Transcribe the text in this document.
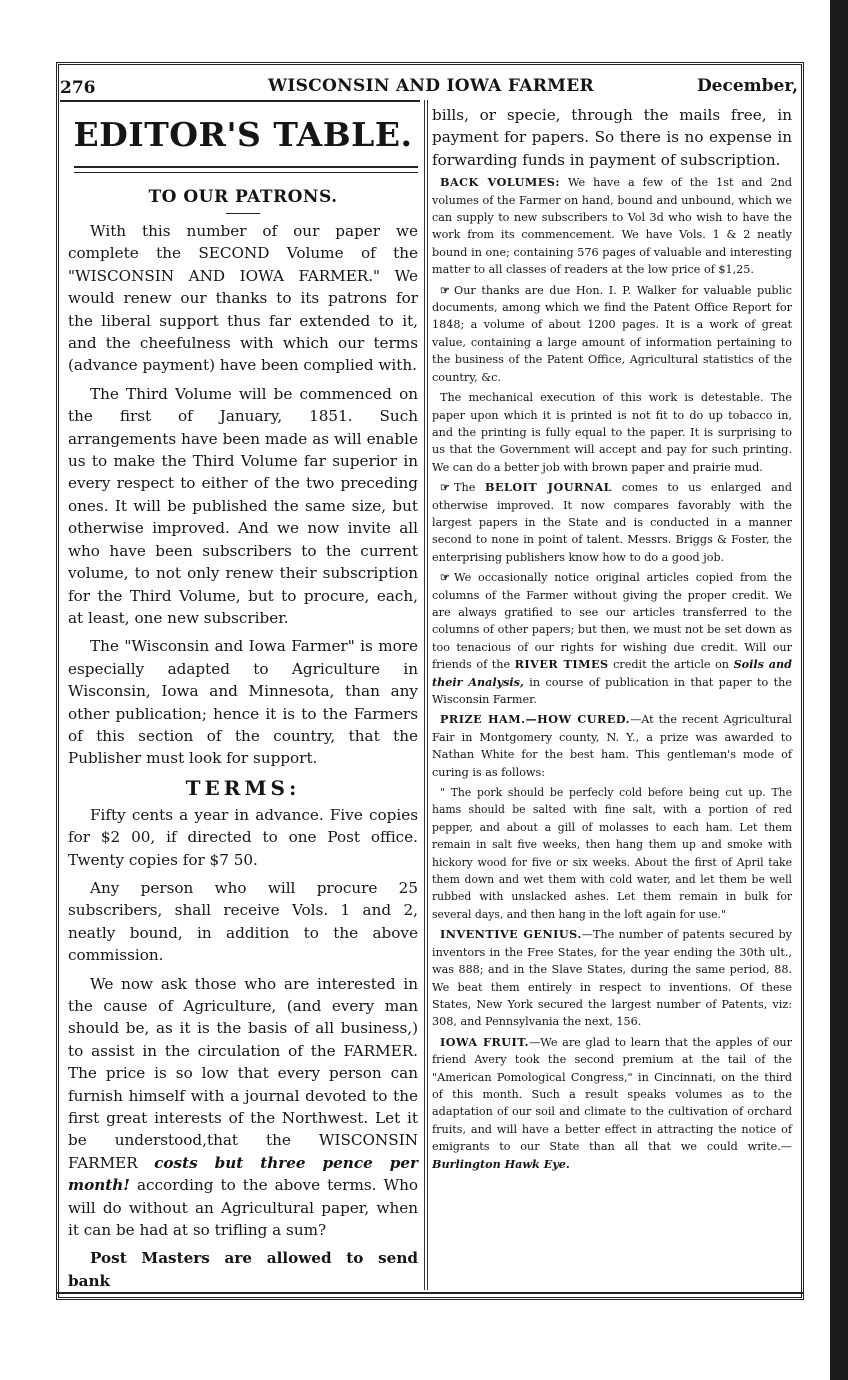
276	WISCONSIN AND IOWA FARMER	December,
EDITOR'S TABLE.
TO OUR PATRONS.

With this number of our paper we complete the SECOND Volume of the "WISCONSIN AND IOWA FARMER." We would renew our thanks to its patrons for the liberal support thus far extended to it, and the cheefulness with which our terms (advance payment) have been complied with.

The Third Volume will be commenced on the first of January, 1851. Such arrangements have been made as will enable us to make the Third Volume far superior in every respect to either of the two preceding ones. It will be published the same size, but otherwise improved. And we now invite all who have been subscribers to the current volume, to not only renew their subscription for the Third Volume, but to procure, each, at least, one new subscriber.

The "Wisconsin and Iowa Farmer" is more especially adapted to Agriculture in Wisconsin, Iowa and Minnesota, than any other publication; hence it is to the Farmers of this section of the country, that the Publisher must look for support.

TERMS:

Fifty cents a year in advance. Five copies for $2 00, if directed to one Post office. Twenty copies for $7 50.

Any person who will procure 25 subscribers, shall receive Vols. 1 and 2, neatly bound, in addition to the above commission.

We now ask those who are interested in the cause of Agriculture, (and every man should be, as it is the basis of all business,) to assist in the circulation of the FARMER. The price is so low that every person can furnish himself with a journal devoted to the first great interests of the Northwest. Let it be understood,that the WISCONSIN FARMER costs but three pence per month! according to the above terms. Who will do without an Agricultural paper, when it can be had at so trifling a sum?

Post Masters are allowed to send bank

bills, or specie, through the mails free, in payment for papers. So there is no expense in forwarding funds in payment of subscription.

BACK VOLUMES: We have a few of the 1st and 2nd volumes of the Farmer on hand, bound and unbound, which we can supply to new subscribers to Vol 3d who wish to have the work from its commencement. We have Vols. 1 & 2 neatly bound in one; containing 576 pages of valuable and interesting matter to all classes of readers at the low price of $1,25.

☞ Our thanks are due Hon. I. P. Walker for valuable public documents, among which we find the Patent Office Report for 1848; a volume of about 1200 pages. It is a work of great value, containing a large amount of information pertaining to the business of the Patent Office, Agricultural statistics of the country, &c.

The mechanical execution of this work is detestable. The paper upon which it is printed is not fit to do up tobacco in, and the printing is fully equal to the paper. It is surprising to us that the Government will accept and pay for such printing. We can do a better job with brown paper and prairie mud.

☞ The BELOIT JOURNAL comes to us enlarged and otherwise improved. It now compares favorably with the largest papers in the State and is conducted in a manner second to none in point of talent. Messrs. Briggs & Foster, the enterprising publishers know how to do a good job.

☞ We occasionally notice original articles copied from the columns of the Farmer without giving the proper credit. We are always gratified to see our articles transferred to the columns of other papers; but then, we must not be set down as too tenacious of our rights for wishing due credit. Will our friends of the RIVER TIMES credit the article on Soils and their Analysis, in course of publication in that paper to the Wisconsin Farmer.

PRIZE HAM.—HOW CURED.—At the recent Agricultural Fair in Montgomery county, N. Y., a prize was awarded to Nathan White for the best ham. This gentleman's mode of curing is as follows:

" The pork should be perfecly cold before being cut up. The hams should be salted with fine salt, with a portion of red pepper, and about a gill of molasses to each ham. Let them remain in salt five weeks, then hang them up and smoke with hickory wood for five or six weeks. About the first of April take them down and wet them with cold water, and let them be well rubbed with unslacked ashes. Let them remain in bulk for several days, and then hang in the loft again for use."

INVENTIVE GENIUS.—The number of patents secured by inventors in the Free States, for the year ending the 30th ult., was 888; and in the Slave States, during the same period, 88. We beat them entirely in respect to inventions. Of these States, New York secured the largest number of Patents, viz: 308, and Pennsylvania the next, 156.

IOWA FRUIT.—We are glad to learn that the apples of our friend Avery took the second premium at the tail of the "American Pomological Congress," in Cincinnati, on the third of this month. Such a result speaks volumes as to the adaptation of our soil and climate to the cultivation of orchard fruits, and will have a better effect in attracting the notice of emigrants to our State than all that we could write.—Burlington Hawk Eye.
